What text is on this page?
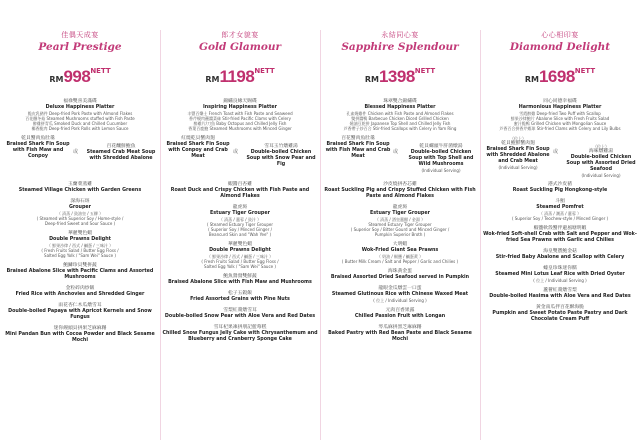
佳偶天成宴
Pearl Prestige
$RM998^{NETT}$
福祿雙喜美滿碟
Deluxe Happiness Platter
脆皮乳豬件 Deep-fried Pork Paste with Almond Flakes
百花釀冬菇 Steamed Mushrooms stuffed with Fish Paste
醉雞拼青瓜 Smoked Duck and Chilled Cucumber
椰香脆肉 Deep-fried Pork Rolls with Lemon Sauce
乾貝蟹肉魚肚羹
Braised Shark Fin Soup with Fish Maw and Conpoy
百花釀鮮鮑魚
Steamed Crab Meat Soup with Shredded Abalone
或
玉蘭菜蒸雞
Steamed Village Chicken with Garden Greens
深海石斑
Grouper
（ 清蒸 / 豉油皇 / 五柳 ）
( Steamed with Superior Soy / Home-style /
Deep-fried Sweet and Sour Sauce )
華麗雙色蝦
Double Prawns Delight
（ 鮮果沙律 / 西式 / 鹹蛋 / 三味汁 ）
( Fresh Fruits Salad / Butter Egg Floss /
Salted Egg Yolk / "Sam Wei" Sauce )
鮑鱗珍貝雙拼蔬
Braised Abalone Slice with Pacific Clams and Assorted Mushrooms
金粒碎肉炒飯
Fried Rice with Anchovies and Shredded Ginger
雨花杏仁木瓜燉雪耳
Double-boiled Papaya with Apricot Kernels and Snow Fungus
迷你饅頭貝拼果芝麻麻糬
Mini Pandan Bun with Cocoa Powder and Black Sesame Mochi
郎才女貌宴
Gold Glamour
$RM1198^{NETT}$
錦繡良緣天賜碟
Inspiring Happiness Platter
丰豐百樂士 French Toast with Fish Paste and Seaweed
香芹蜆肉蘸醬菜絲 Stir-fried Pacific Clams with Celery
醉雞片/刀魚 Baby Octopus and Chilled Jelly Fish
香葉百鹿鮑 Steamed Mushrooms with Minced Ginger
紅燒乾貝蟹肉翅
Braised Shark Fin Soup with Conpoy and Crab Meat
雪耳玉竹燉雞湯
Double-boiled Chicken Soup with Snow Pear and Fig
或
蝦醬百杏雞
Roast Duck and Crispy Chicken with Fish Paste and Almond Flakes
龍虎斑
Estuary Tiger Grouper
（ 清蒸 / 薑蓉 / 豉汁 ）
( Steamed Estuary Tiger Grouper
( Superior Soy / Minced Ginger /
Beancurd Skin and "Wah Yee" )
華麗雙色蝦
Double Prawns Delight
（ 鮮果沙律 / 西式 / 鹹蛋 / 三味汁 ）
( Fresh Fruits Salad / Butter Egg Floss /
Salted Egg Yolk / "Sam Wei" Sauce )
鮑魚鴛鴦雙鮮蔬
Braised Abalone Slice with Fish Maw and Mushrooms
松子五穀飯
Fried Assorted Grains with Pine Nuts
雪梨紅棗燉雪耳
Double-boiled Snow Pear with Aloe Vera and Red Dates
雪耳杞果凍拼朋記藍莓糕
Chilled Snow Fungus Jelly Cake with Chrysanthemum and Blueberry and Cranberry Sponge Cake
永結同心宴
Sapphire Splendour
$RM1398^{NETT}$
珠翠雙合錦繡碟
Blessed Happiness Platter
孔雀燒雞件 Chicken with Fish Paste and Almond Flakes
雙拼醬鴨 Barbecue Chicken Diced Grilled Chicken
燒滷豆乾拼 Japanese Top Shell and Chilled Jelly Fish
芦香帶子炒百合 Stir-fried Scallops with Celery in Yam Ring
百花蟹肉魚肚羹
Braised Shark Fin Soup with Fish Maw and Crab Meat
乾貝螺頭牛肝菌燉湯
Double-boiled Chicken Soup with Top Shell and Wild Mushrooms
(Individual Serving)
或
沙皮燒拼杏芯雞
Roast Suckling Pig and Crispy Stuffed Chicken with Fish Paste and Almond Flakes
龍虎斑
Estuary Tiger Grouper
（ 清蒸 / 酒皇薑醋 / 金湯 ）
Steamed Estuary Tiger Grouper
( Superior Soy / Bitter Gourd and Minced Ginger /
Pumpkin Superior Broth )
大明蝦
Wok-Fried Giant Sea Prawns
（ 奶油 / 椒鹽 / 鹹蛋黃 ）
( Butter Milk Cream / Salt and Pepper / Garlic and Chilies )
海珠黃金蛋
Braised Assorted Dried Seafood served in Pumpkin
龍眼金瓜燉雲一口蛋
Steamed Glutinous Rice with Chinese Waxed Meat
( 位上 / Individual Serving )
元肉百香果露
Chilled Passion Fruit with Longan
琴瓜麻拼黑芝麻麻糬
Baked Pastry with Red Bean Paste and Black Sesame Mochi
心心相印宴
Diamond Delight
$RM1698^{NETT}$
同心同德幸福碟
Harmonious Happiness Platter
雪霞醉雞 Deep-fried Two Puff with Scallop
鮮果沙律鮑片 Abalone Slice with Fresh Fruits Salad
蜜汁脆鴨 Grilled Chicken with Mongolian Sauce
芦香百合拼香芹蝦球 Stir-fried Clams with Celery and Lily Bulbs
（位上）
乾貝鮑鮮蟹肉翅
Braised Shark Fin Soup with Shredded Abalone and Crab Meat
(Individual Serving)
（位上）
海味燉雞湯
Double-boiled Chicken Soup with Assorted Dried Seafood
(Individual Serving)
或
港式沙皮豬
Roast Suckling Pig Hongkong-style
斗鯧
Steamed Pomfret
（ 清蒸 / 潮蒸 / 薑蓉 ）
( Superior Soy / Teochew-style / Minced Ginger )
椒鹽軟殼蟹伴避風塘明蝦
Wok-fried Soft-shell Crab with Salt and Pepper and Wok-fried Sea Prawns with Garlic and Chilies
海皇雙寶鮑金菇
Stir-fried Baby Abalone and Scallop with Celery
蠔皇珍珠迷你糯
Steamed Mini Lotus Leaf Rice with Dried Oyster
( 位上 / Individual Serving )
蘆薈紅棗燉雪梨
Double-boiled Hasima with Aloe Vera and Red Dates
黃金南瓜拌百花酥海脆
Pumpkin and Sweet Potato Paste Pastry and Dark Chocolate Cream Puff
